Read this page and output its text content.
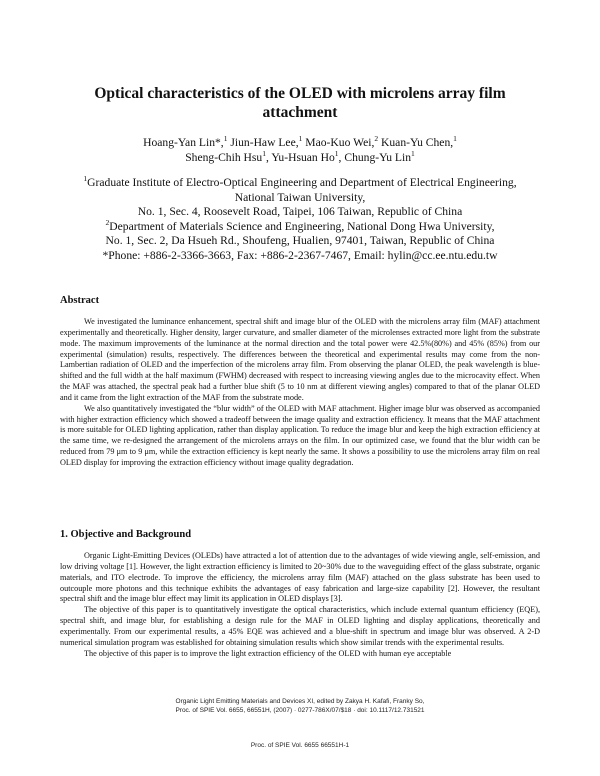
Optical characteristics of the OLED with microlens array film
attachment
Hoang-Yan Lin*,$^1$ Jiun-Haw Lee,$^1$ Mao-Kuo Wei,$^2$ Kuan-Yu Chen,$^1$
Sheng-Chih Hsu$^1$, Yu-Hsuan Ho$^1$, Chung-Yu Lin$^1$
$^1$Graduate Institute of Electro-Optical Engineering and Department of Electrical Engineering,
National Taiwan University,
No. 1, Sec. 4, Roosevelt Road, Taipei, 106 Taiwan, Republic of China
$^2$Department of Materials Science and Engineering, National Dong Hwa University,
No. 1, Sec. 2, Da Hsueh Rd., Shoufeng, Hualien, 97401, Taiwan, Republic of China
*Phone: +886-2-3366-3663, Fax: +886-2-2367-7467, Email: hylin@cc.ee.ntu.edu.tw
Abstract

We investigated the luminance enhancement, spectral shift and image blur of the OLED with the microlens array film (MAF) attachment experimentally and theoretically. Higher density, larger curvature, and smaller diameter of the microlenses extracted more light from the substrate mode. The maximum improvements of the luminance at the normal direction and the total power were 42.5%(80%) and 45% (85%) from our experimental (simulation) results, respectively. The differences between the theoretical and experimental results may come from the non-Lambertian radiation of OLED and the imperfection of the microlens array film. From observing the planar OLED, the peak wavelength is blue-shifted and the full width at the half maximum (FWHM) decreased with respect to increasing viewing angles due to the microcavity effect. When the MAF was attached, the spectral peak had a further blue shift (5 to 10 nm at different viewing angles) compared to that of the planar OLED and it came from the light extraction of the MAF from the substrate mode.

We also quantitatively investigated the “blur width” of the OLED with MAF attachment. Higher image blur was observed as accompanied with higher extraction efficiency which showed a tradeoff between the image quality and extraction efficiency. It means that the MAF attachment is more suitable for OLED lighting application, rather than display application. To reduce the image blur and keep the high extraction efficiency at the same time, we re-designed the arrangement of the microlens arrays on the film. In our optimized case, we found that the blur width can be reduced from 79 μm to 9 μm, while the extraction efficiency is kept nearly the same. It shows a possibility to use the microlens array film on real OLED display for improving the extraction efficiency without image quality degradation.

1. Objective and Background

Organic Light-Emitting Devices (OLEDs) have attracted a lot of attention due to the advantages of wide viewing angle, self-emission, and low driving voltage [1]. However, the light extraction efficiency is limited to 20~30% due to the waveguiding effect of the glass substrate, organic materials, and ITO electrode. To improve the efficiency, the microlens array film (MAF) attached on the glass substrate has been used to outcouple more photons and this technique exhibits the advantages of easy fabrication and large-size capability [2]. However, the resultant spectral shift and the image blur effect may limit its application in OLED displays [3].

The objective of this paper is to quantitatively investigate the optical characteristics, which include external quantum efficiency (EQE), spectral shift, and image blur, for establishing a design rule for the MAF in OLED lighting and display applications, theoretically and experimentally. From our experimental results, a 45% EQE was achieved and a blue-shift in spectrum and image blur was observed. A 2-D numerical simulation program was established for obtaining simulation results which show similar trends with the experimental results.

The objective of this paper is to improve the light extraction efficiency of the OLED with human eye acceptable

Organic Light Emitting Materials and Devices XI, edited by Zakya H. Kafafi, Franky So,
Proc. of SPIE Vol. 6655, 66551H, (2007) · 0277-786X/07/$18 · doi: 10.1117/12.731521
Proc. of SPIE Vol. 6655 66551H-1
